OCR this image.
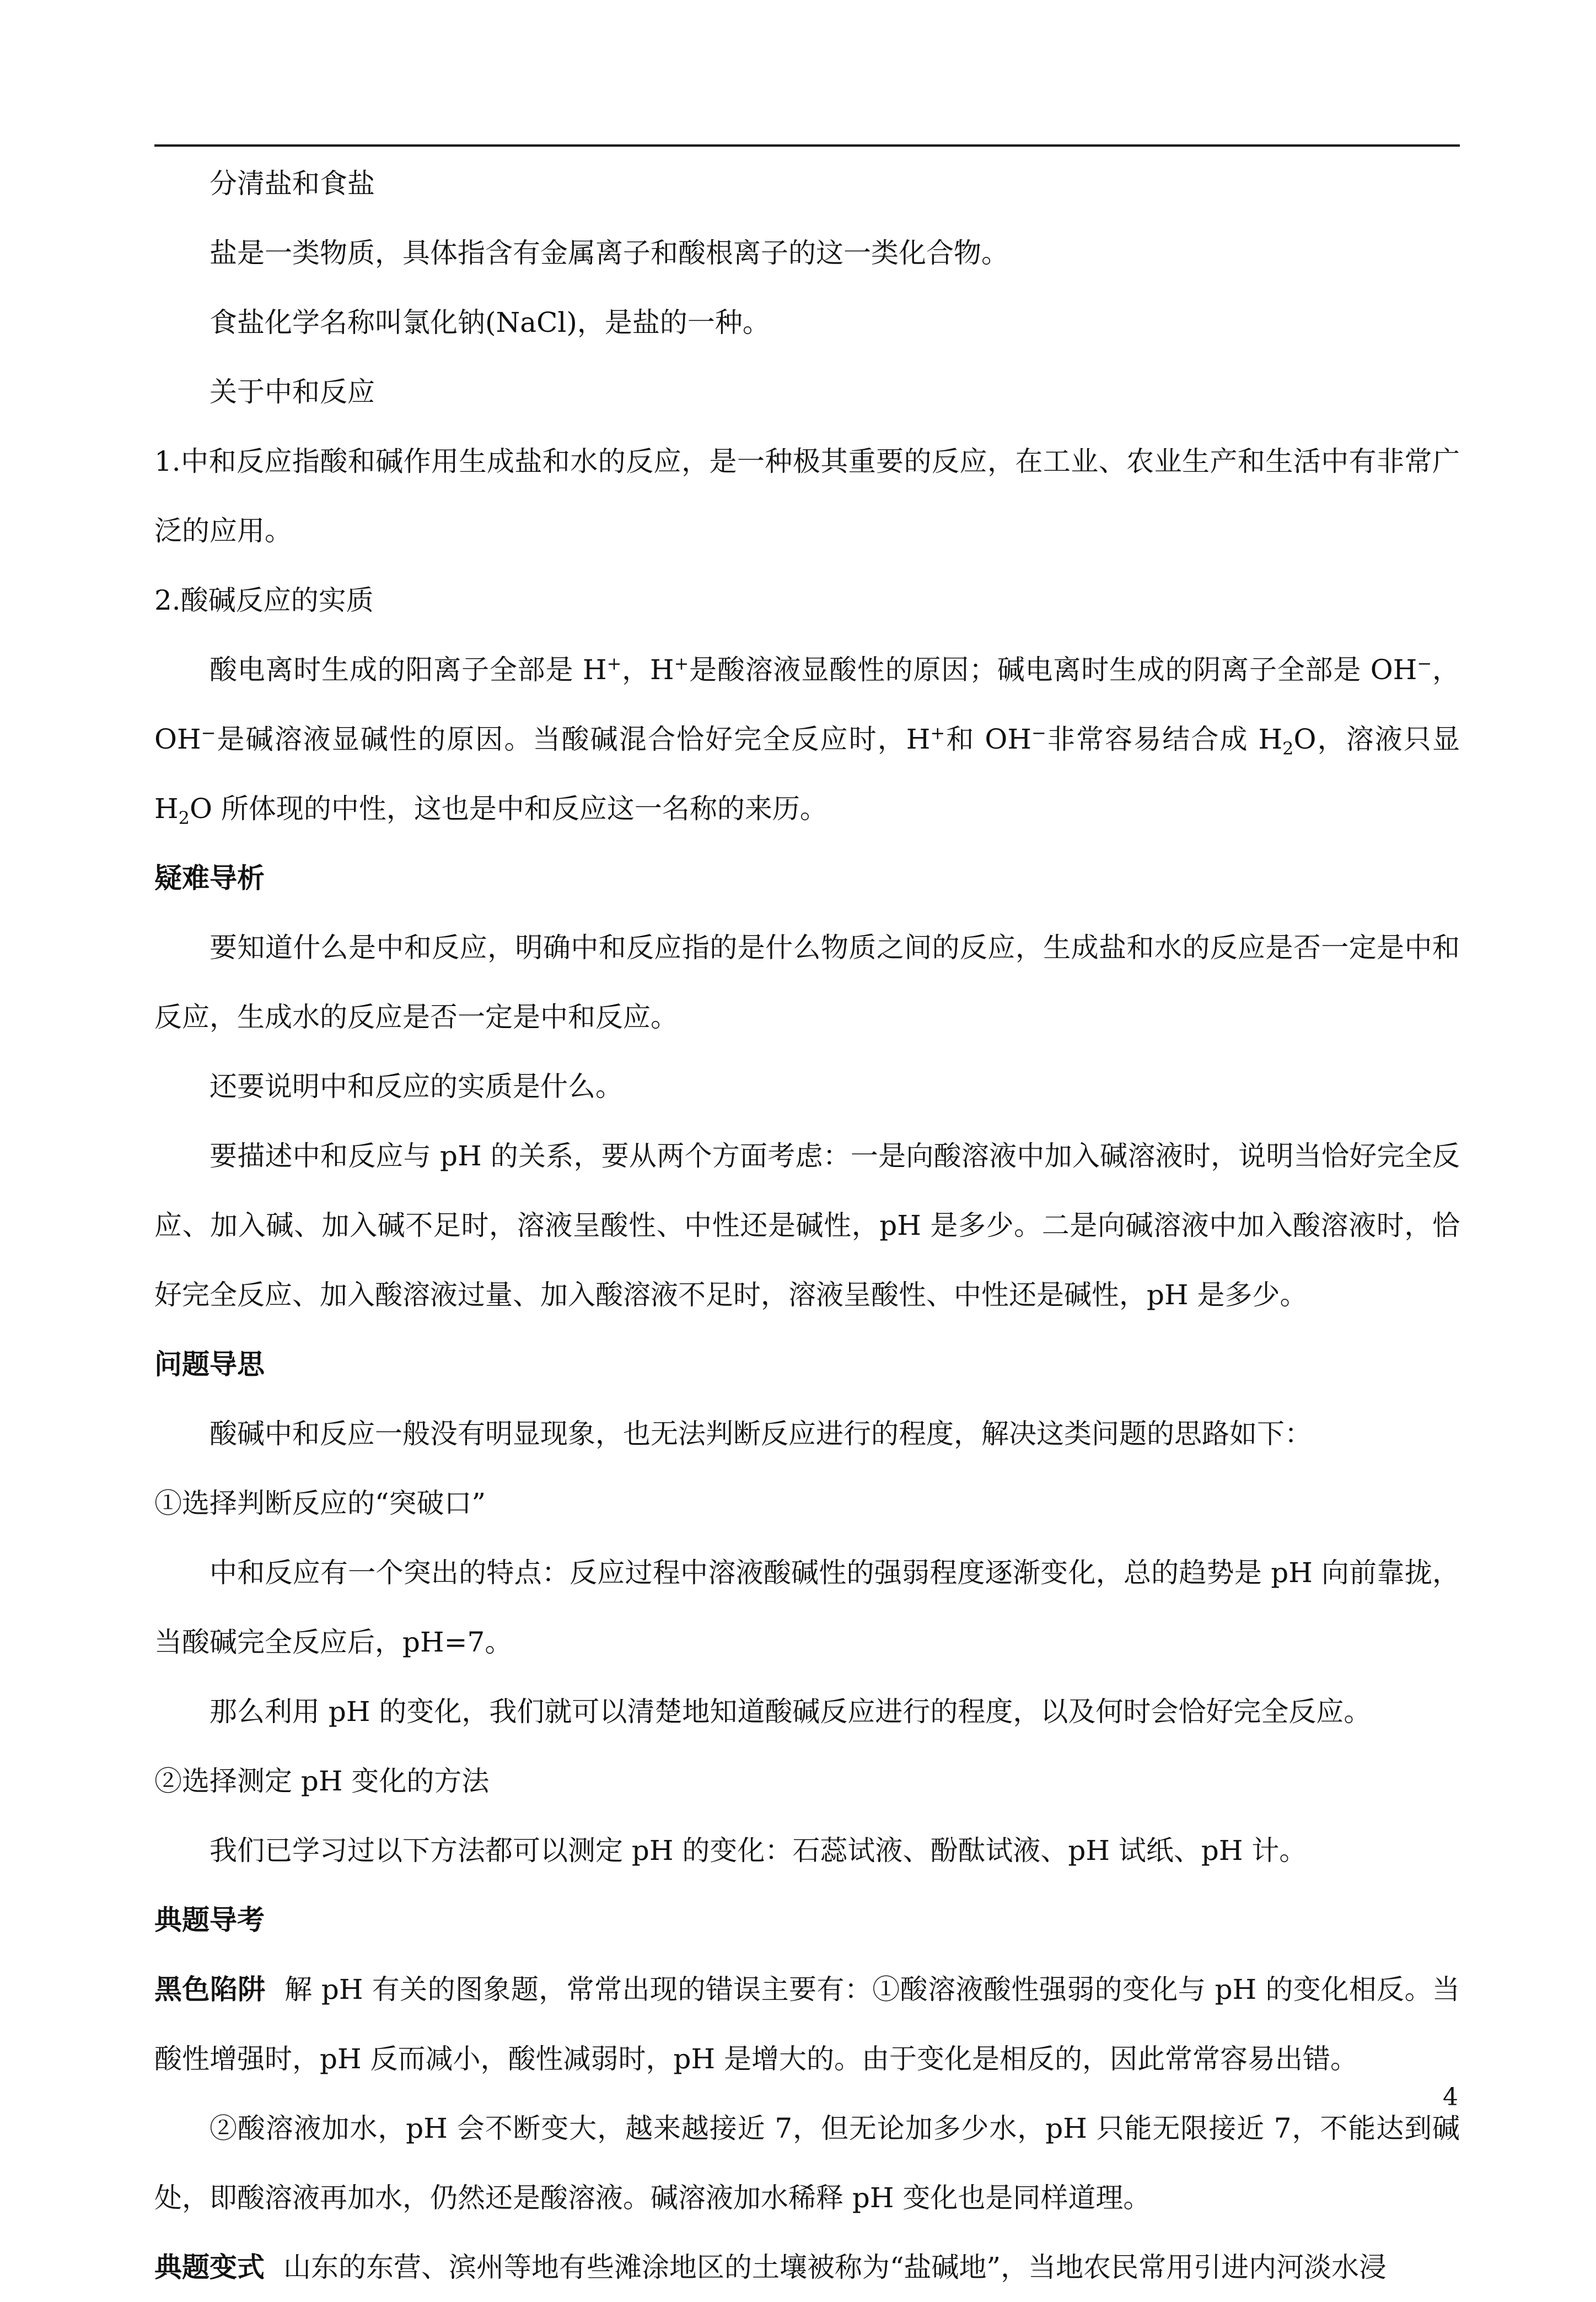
分清盐和食盐

盐是一类物质，具体指含有金属离子和酸根离子的这一类化合物。

食盐化学名称叫氯化钠(NaCl)，是盐的一种。

关于中和反应

1.中和反应指酸和碱作用生成盐和水的反应，是一种极其重要的反应，在工业、农业生产和生活中有非常广泛的应用。

2.酸碱反应的实质

酸电离时生成的阳离子全部是 H+，H+是酸溶液显酸性的原因；碱电离时生成的阴离子全部是 OH−，OH−是碱溶液显碱性的原因。当酸碱混合恰好完全反应时，H+和 OH−非常容易结合成 $H_2O$，溶液只显 $H_2O$ 所体现的中性，这也是中和反应这一名称的来历。

疑难导析

要知道什么是中和反应，明确中和反应指的是什么物质之间的反应，生成盐和水的反应是否一定是中和反应，生成水的反应是否一定是中和反应。

还要说明中和反应的实质是什么。

要描述中和反应与 pH 的关系，要从两个方面考虑：一是向酸溶液中加入碱溶液时，说明当恰好完全反应、加入碱、加入碱不足时，溶液呈酸性、中性还是碱性，pH 是多少。二是向碱溶液中加入酸溶液时，恰好完全反应、加入酸溶液过量、加入酸溶液不足时，溶液呈酸性、中性还是碱性，pH 是多少。

问题导思

酸碱中和反应一般没有明显现象，也无法判断反应进行的程度，解决这类问题的思路如下：

①选择判断反应的“突破口”

中和反应有一个突出的特点：反应过程中溶液酸碱性的强弱程度逐渐变化，总的趋势是 pH 向前靠拢，当酸碱完全反应后，pH=7。

那么利用 pH 的变化，我们就可以清楚地知道酸碱反应进行的程度，以及何时会恰好完全反应。

②选择测定 pH 变化的方法

我们已学习过以下方法都可以测定 pH 的变化：石蕊试液、酚酞试液、pH 试纸、pH 计。

典题导考

黑色陷阱 解 pH 有关的图象题，常常出现的错误主要有：①酸溶液酸性强弱的变化与 pH 的变化相反。当酸性增强时，pH 反而减小，酸性减弱时，pH 是增大的。由于变化是相反的，因此常常容易出错。

②酸溶液加水，pH 会不断变大，越来越接近 7，但无论加多少水，pH 只能无限接近 7，不能达到碱处，即酸溶液再加水，仍然还是酸溶液。碱溶液加水稀释 pH 变化也是同样道理。

典题变式 山东的东营、滨州等地有些滩涂地区的土壤被称为“盐碱地”，当地农民常用引进内河淡水浸

4
